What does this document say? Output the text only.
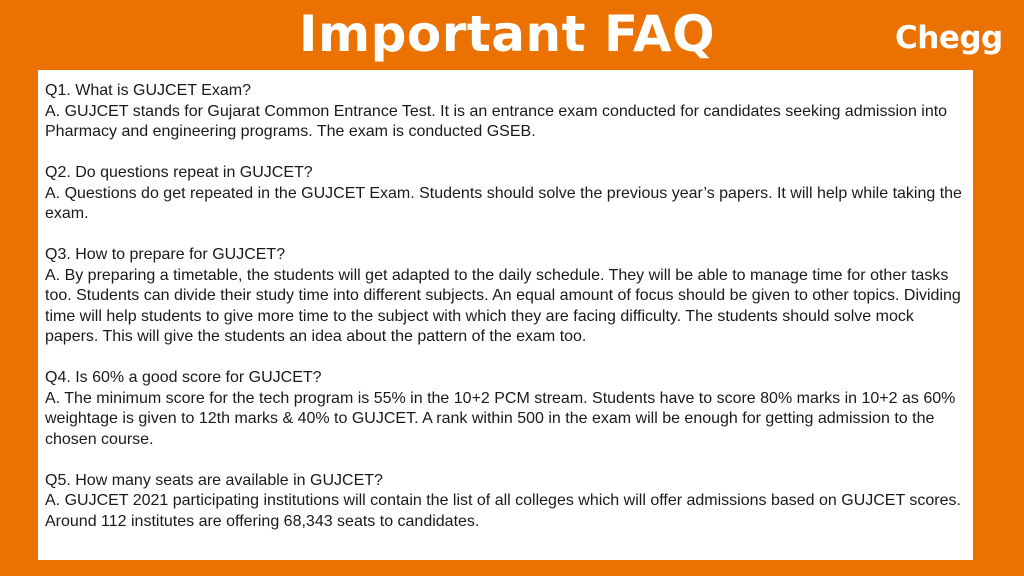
Important FAQ	Chegg

Q1. What is GUJCET Exam?

A. GUJCET stands for Gujarat Common Entrance Test. It is an entrance exam conducted for candidates seeking admission into Pharmacy and engineering programs. The exam is conducted GSEB.

Q2. Do questions repeat in GUJCET?

A. Questions do get repeated in the GUJCET Exam. Students should solve the previous year’s papers. It will help while taking the exam.

Q3. How to prepare for GUJCET?

A. By preparing a timetable, the students will get adapted to the daily schedule. They will be able to manage time for other tasks too. Students can divide their study time into different subjects. An equal amount of focus should be given to other topics. Dividing time will help students to give more time to the subject with which they are facing difficulty. The students should solve mock papers. This will give the students an idea about the pattern of the exam too.

Q4. Is 60% a good score for GUJCET?

A. The minimum score for the tech program is 55% in the 10+2 PCM stream. Students have to score 80% marks in 10+2 as 60% weightage is given to 12th marks & 40% to GUJCET. A rank within 500 in the exam will be enough for getting admission to the chosen course.

Q5. How many seats are available in GUJCET?

A. GUJCET 2021 participating institutions will contain the list of all colleges which will offer admissions based on GUJCET scores. Around 112 institutes are offering 68,343 seats to candidates.
